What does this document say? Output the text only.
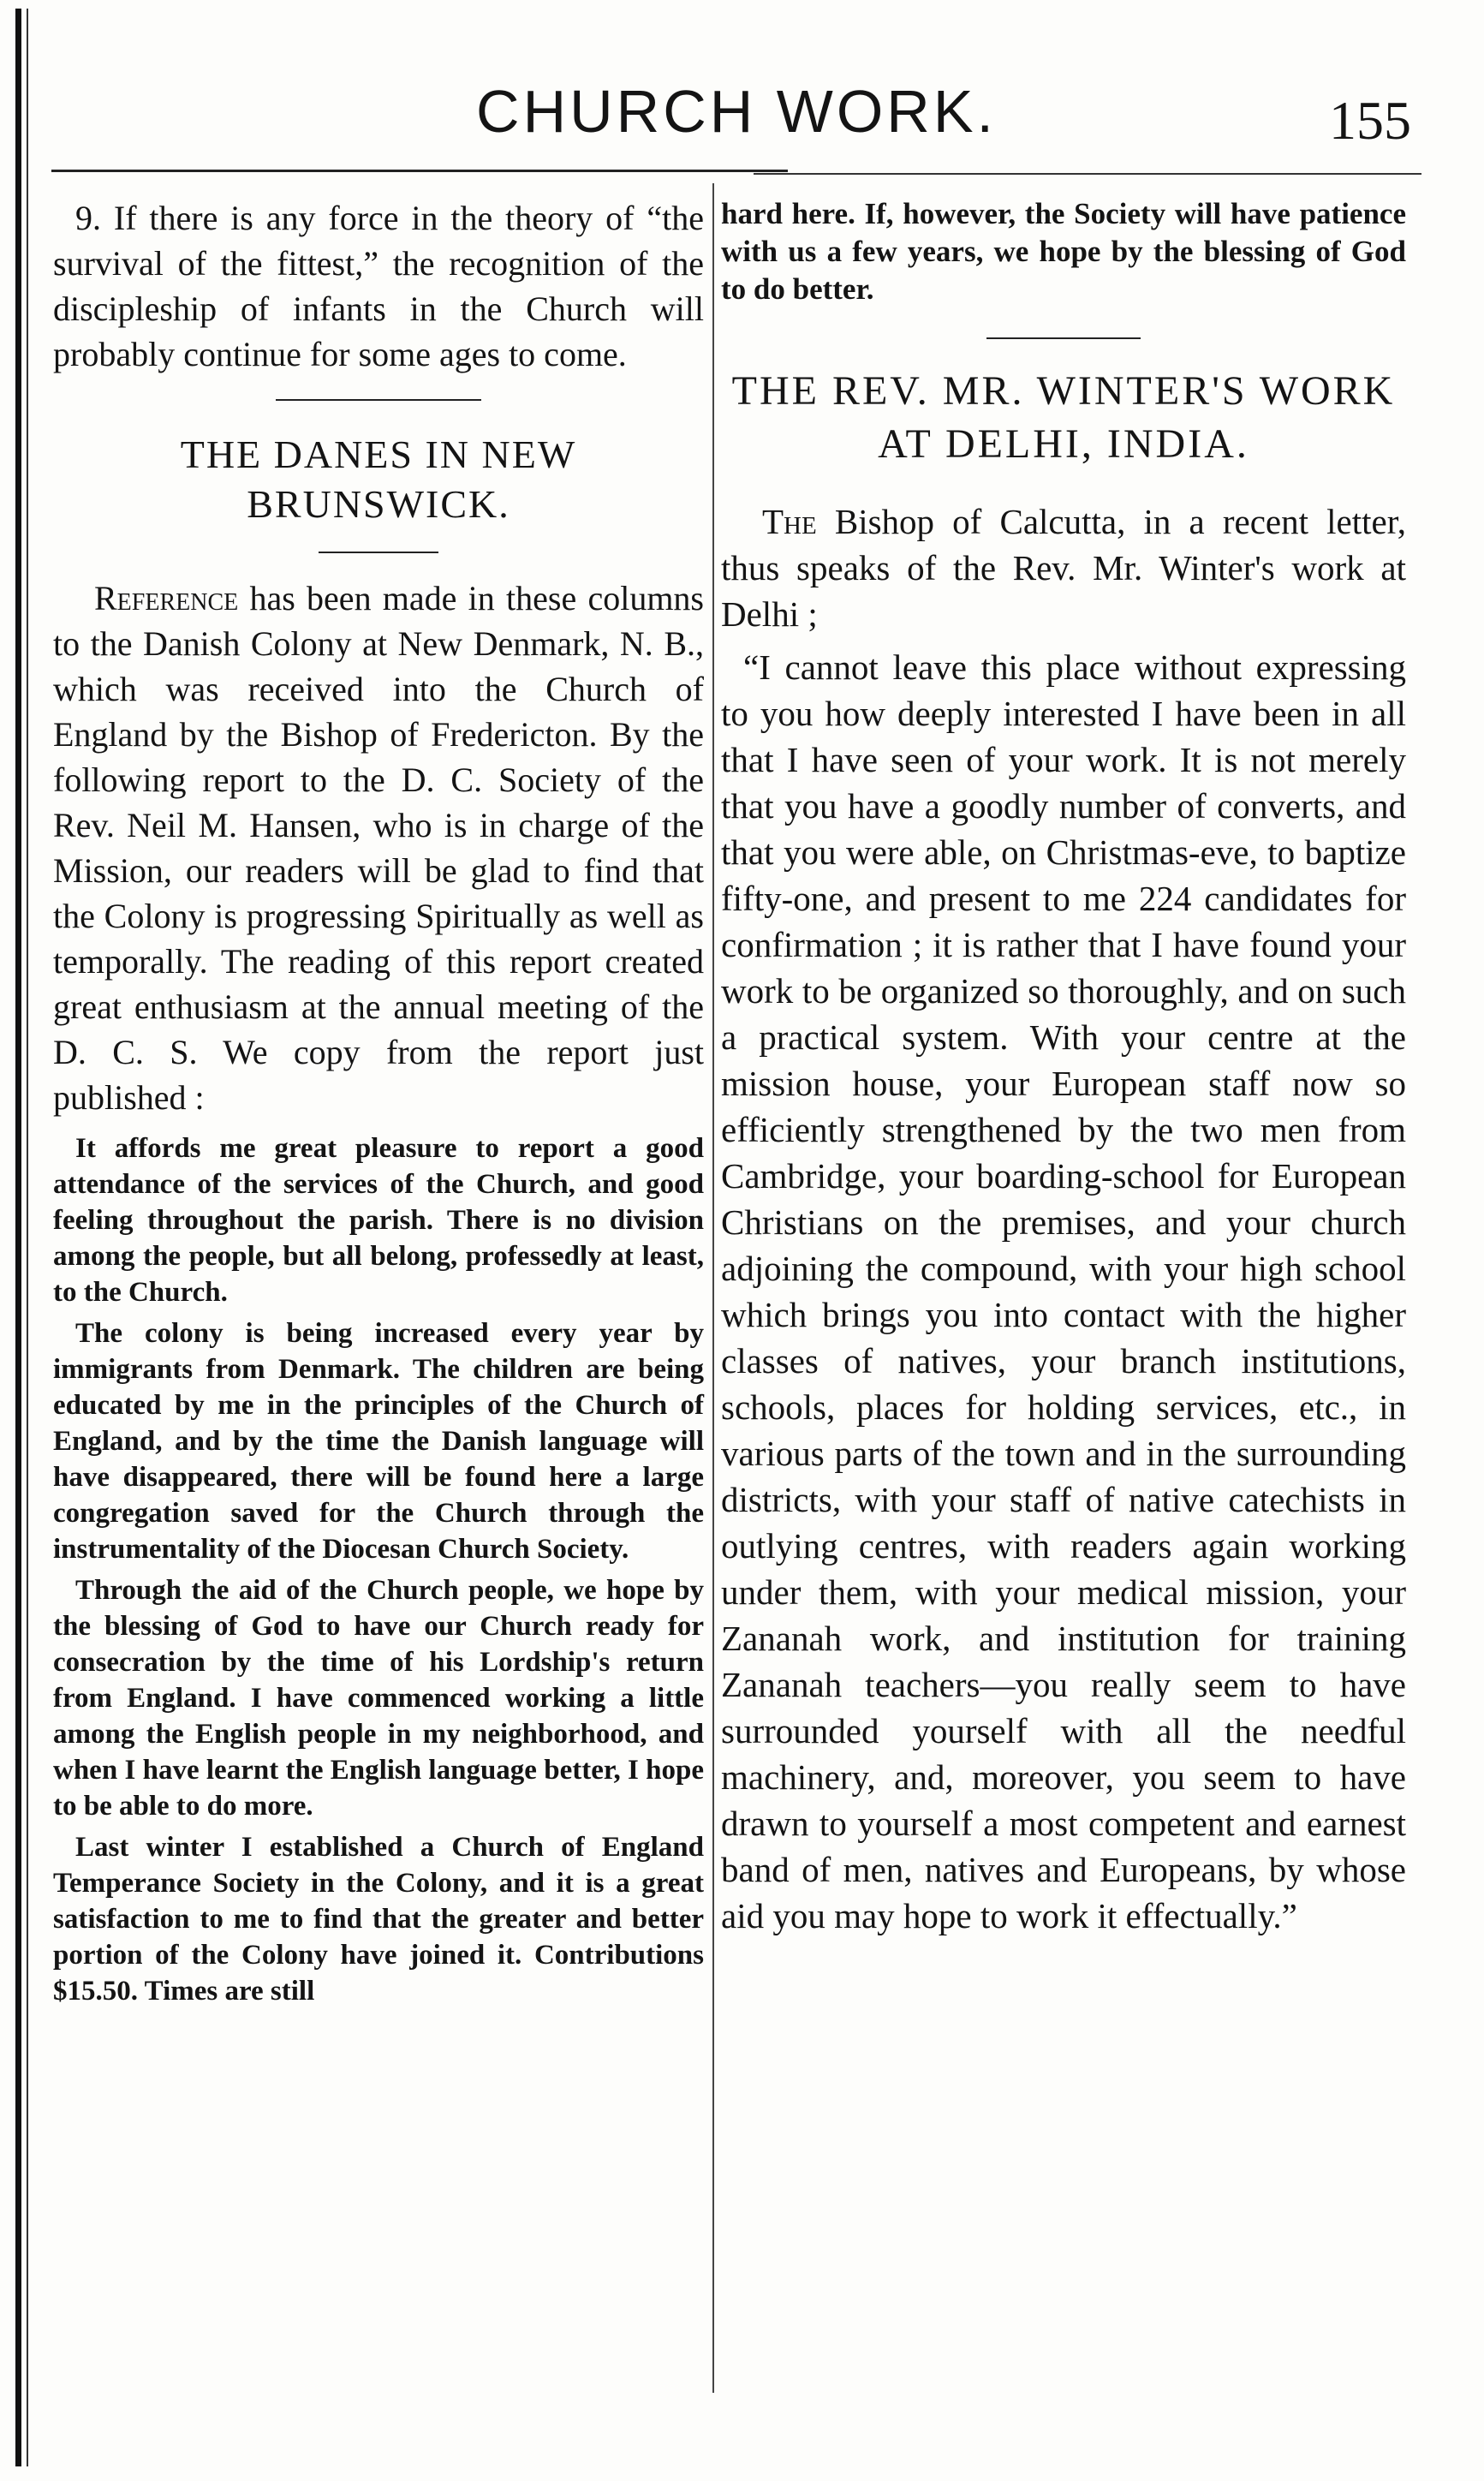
CHURCH WORK.	155

9. If there is any force in the theory of “the survival of the fittest,” the recognition of the discipleship of infants in the Church will probably continue for some ages to come.

THE DANES IN NEW BRUNSWICK.

Reference has been made in these columns to the Danish Colony at New Denmark, N. B., which was received into the Church of England by the Bishop of Fredericton. By the following report to the D. C. Society of the Rev. Neil M. Hansen, who is in charge of the Mission, our readers will be glad to find that the Colony is progressing Spiritually as well as temporally. The reading of this report created great enthusiasm at the annual meeting of the D. C. S. We copy from the report just published :

It affords me great pleasure to report a good attendance of the services of the Church, and good feeling throughout the parish. There is no division among the people, but all belong, professedly at least, to the Church.

The colony is being increased every year by immigrants from Denmark. The children are being educated by me in the principles of the Church of England, and by the time the Danish language will have disappeared, there will be found here a large congregation saved for the Church through the instrumentality of the Diocesan Church Society.

Through the aid of the Church people, we hope by the blessing of God to have our Church ready for consecration by the time of his Lordship's return from England. I have commenced working a little among the English people in my neighborhood, and when I have learnt the English language better, I hope to be able to do more.

Last winter I established a Church of England Temperance Society in the Colony, and it is a great satisfaction to me to find that the greater and better portion of the Colony have joined it. Contributions $15.50. Times are still

hard here. If, however, the Society will have patience with us a few years, we hope by the blessing of God to do better.

THE REV. MR. WINTER'S WORK AT DELHI, INDIA.

The Bishop of Calcutta, in a recent letter, thus speaks of the Rev. Mr. Winter's work at Delhi ;

“I cannot leave this place without expressing to you how deeply interested I have been in all that I have seen of your work. It is not merely that you have a goodly number of converts, and that you were able, on Christmas-eve, to baptize fifty-one, and present to me 224 candidates for confirmation ; it is rather that I have found your work to be organized so thoroughly, and on such a practical system. With your centre at the mission house, your European staff now so efficiently strengthened by the two men from Cambridge, your boarding-school for European Christians on the premises, and your church adjoining the compound, with your high school which brings you into contact with the higher classes of natives, your branch institutions, schools, places for holding services, etc., in various parts of the town and in the surrounding districts, with your staff of native catechists in outlying centres, with readers again working under them, with your medical mission, your Zananah work, and institution for training Zananah teachers—you really seem to have surrounded yourself with all the needful machinery, and, moreover, you seem to have drawn to yourself a most competent and earnest band of men, natives and Europeans, by whose aid you may hope to work it effectually.”
